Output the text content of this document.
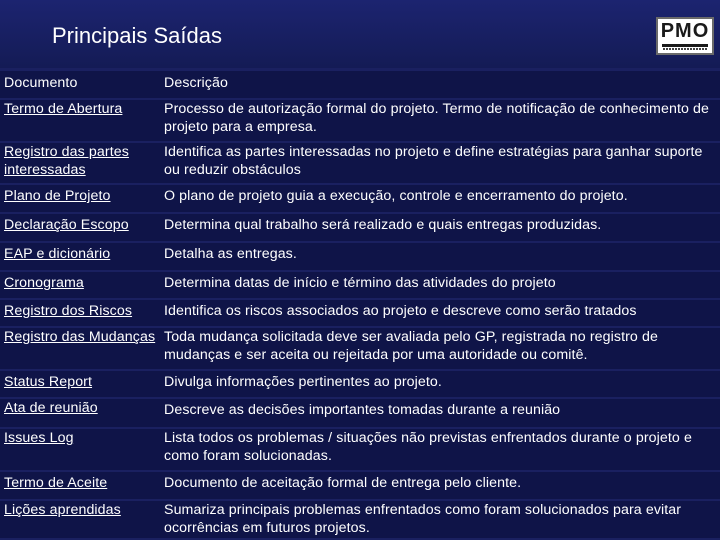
Principais Saídas	PMO
Documento	Descrição
Termo de Abertura	Processo de autorização formal do projeto. Termo de notificação de conhecimento de projeto para a empresa.
Registro das partes interessadas	Identifica as partes interessadas no projeto e define estratégias para ganhar suporte ou reduzir obstáculos
Plano de Projeto	O plano de projeto guia a execução, controle e encerramento do projeto.
Declaração Escopo	Determina qual trabalho será realizado e quais entregas produzidas.
EAP e dicionário	Detalha as entregas.
Cronograma	Determina datas de início e término das atividades do projeto
Registro dos Riscos	Identifica os riscos associados ao projeto e descreve como serão tratados
Registro das Mudanças	Toda mudança solicitada deve ser avaliada pelo GP, registrada no registro de mudanças e ser aceita ou rejeitada por uma autoridade ou comitê.
Status Report	Divulga informações pertinentes ao projeto.
Ata de reunião	Descreve as decisões importantes tomadas durante a reunião
Issues Log	Lista todos os problemas / situações não previstas enfrentados durante o projeto e como foram solucionadas.
Termo de Aceite	Documento de aceitação formal de entrega pelo cliente.
Lições aprendidas	Sumariza principais problemas enfrentados como foram solucionados para evitar ocorrências em futuros projetos.
